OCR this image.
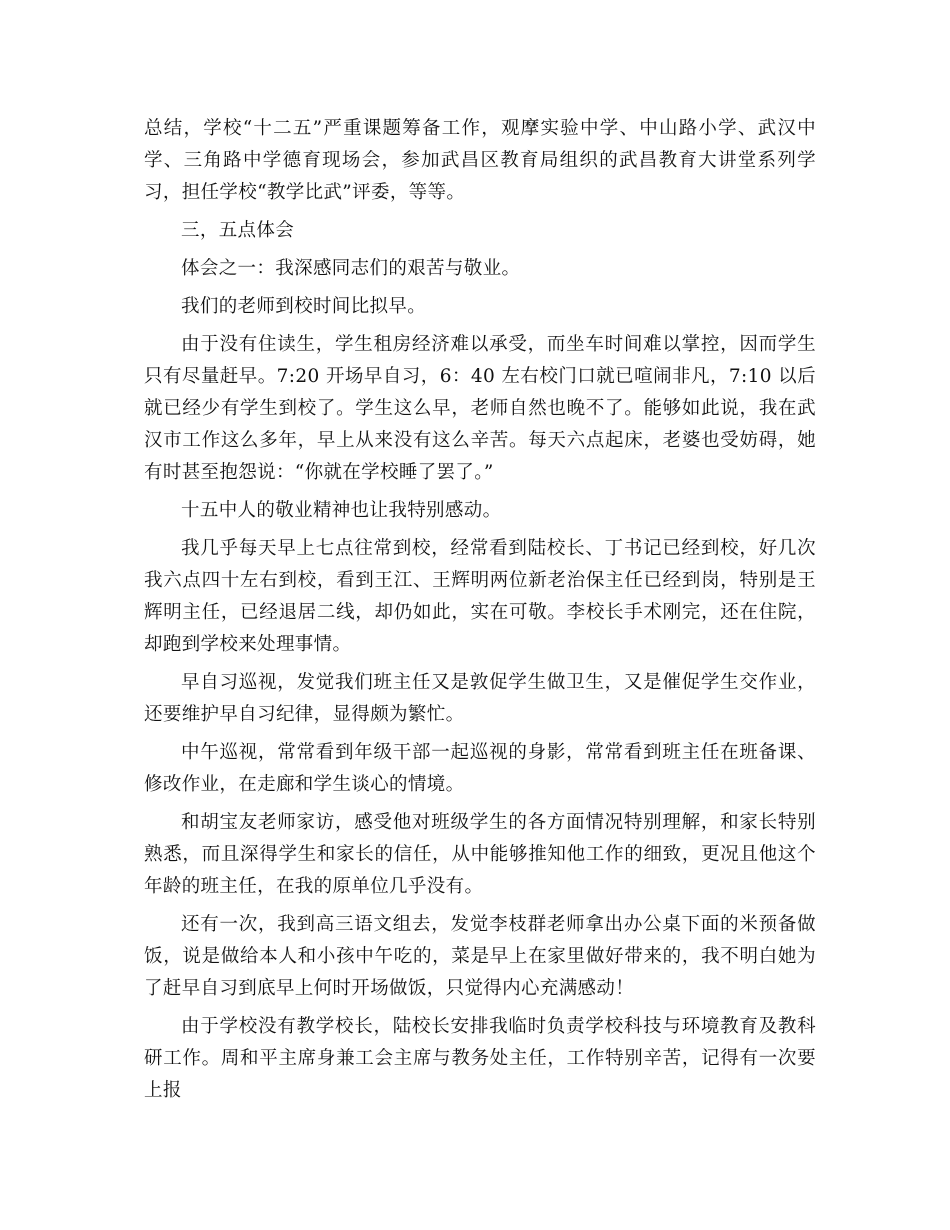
总结，学校“十二五”严重课题筹备工作，观摩实验中学、中山路小学、武汉中学、三角路中学德育现场会，参加武昌区教育局组织的武昌教育大讲堂系列学习，担任学校“教学比武”评委，等等。

三，五点体会

体会之一：我深感同志们的艰苦与敬业。

我们的老师到校时间比拟早。

由于没有住读生，学生租房经济难以承受，而坐车时间难以掌控，因而学生只有尽量赶早。7:20 开场早自习，6：40 左右校门口就已喧闹非凡，7:10 以后就已经少有学生到校了。学生这么早，老师自然也晚不了。能够如此说，我在武汉市工作这么多年，早上从来没有这么辛苦。每天六点起床，老婆也受妨碍，她有时甚至抱怨说：“你就在学校睡了罢了。”

十五中人的敬业精神也让我特别感动。

我几乎每天早上七点往常到校，经常看到陆校长、丁书记已经到校，好几次我六点四十左右到校，看到王江、王辉明两位新老治保主任已经到岗，特别是王辉明主任，已经退居二线，却仍如此，实在可敬。李校长手术刚完，还在住院，却跑到学校来处理事情。

早自习巡视，发觉我们班主任又是敦促学生做卫生，又是催促学生交作业，还要维护早自习纪律，显得颇为繁忙。

中午巡视，常常看到年级干部一起巡视的身影，常常看到班主任在班备课、修改作业，在走廊和学生谈心的情境。

和胡宝友老师家访，感受他对班级学生的各方面情况特别理解，和家长特别熟悉，而且深得学生和家长的信任，从中能够推知他工作的细致，更况且他这个年龄的班主任，在我的原单位几乎没有。

还有一次，我到高三语文组去，发觉李枝群老师拿出办公桌下面的米预备做饭，说是做给本人和小孩中午吃的，菜是早上在家里做好带来的，我不明白她为了赶早自习到底早上何时开场做饭，只觉得内心充满感动！

由于学校没有教学校长，陆校长安排我临时负责学校科技与环境教育及教科研工作。周和平主席身兼工会主席与教务处主任，工作特别辛苦，记得有一次要上报
